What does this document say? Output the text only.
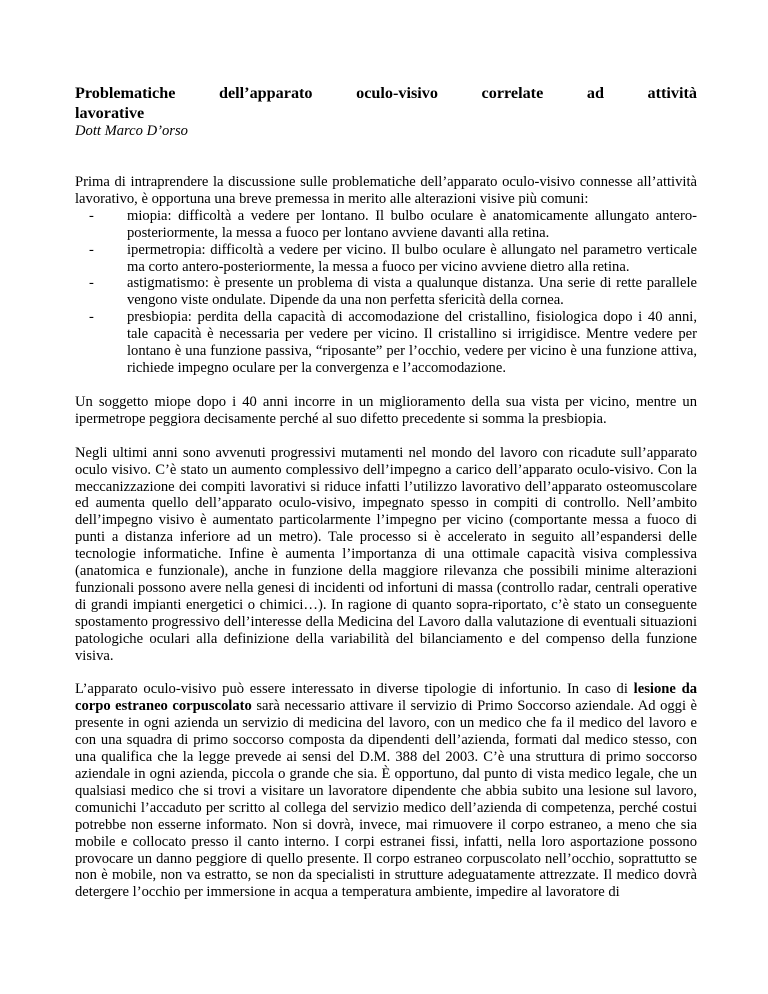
Problematiche dell’apparato oculo-visivo correlate ad attività

lavorative

Dott Marco D’orso

Prima di intraprendere la discussione sulle problematiche dell’apparato oculo-visivo connesse all’attività lavorativo, è opportuna una breve premessa in merito alle alterazioni visive più comuni:

- miopia: difficoltà a vedere per lontano. Il bulbo oculare è anatomicamente allungato antero-posteriormente, la messa a fuoco per lontano avviene davanti alla retina.
- ipermetropia: difficoltà a vedere per vicino. Il bulbo oculare è allungato nel parametro verticale ma corto antero-posteriormente, la messa a fuoco per vicino avviene dietro alla retina.
- astigmatismo: è presente un problema di vista a qualunque distanza. Una serie di rette parallele vengono viste ondulate. Dipende da una non perfetta sfericità della cornea.
- presbiopia: perdita della capacità di accomodazione del cristallino, fisiologica dopo i 40 anni, tale capacità è necessaria per vedere per vicino. Il cristallino si irrigidisce. Mentre vedere per lontano è una funzione passiva, “riposante” per l’occhio, vedere per vicino è una funzione attiva, richiede impegno oculare per la convergenza e l’accomodazione.

Un soggetto miope dopo i 40 anni incorre in un miglioramento della sua vista per vicino, mentre un ipermetrope peggiora decisamente perché al suo difetto precedente si somma la presbiopia.

Negli ultimi anni sono avvenuti progressivi mutamenti nel mondo del lavoro con ricadute sull’apparato oculo visivo. C’è stato un aumento complessivo dell’impegno a carico dell’apparato oculo-visivo. Con la meccanizzazione dei compiti lavorativi si riduce infatti l’utilizzo lavorativo dell’apparato osteomuscolare ed aumenta quello dell’apparato oculo-visivo, impegnato spesso in compiti di controllo. Nell’ambito dell’impegno visivo è aumentato particolarmente l’impegno per vicino (comportante messa a fuoco di punti a distanza inferiore ad un metro). Tale processo si è accelerato in seguito all’espandersi delle tecnologie informatiche. Infine è aumenta l’importanza di una ottimale capacità visiva complessiva (anatomica e funzionale), anche in funzione della maggiore rilevanza che possibili minime alterazioni funzionali possono avere nella genesi di incidenti od infortuni di massa (controllo radar, centrali operative di grandi impianti energetici o chimici…). In ragione di quanto sopra-riportato, c’è stato un conseguente spostamento progressivo dell’interesse della Medicina del Lavoro dalla valutazione di eventuali situazioni patologiche oculari alla definizione della variabilità del bilanciamento e del compenso della funzione visiva.

L’apparato oculo-visivo può essere interessato in diverse tipologie di infortunio. In caso di lesione da corpo estraneo corpuscolato sarà necessario attivare il servizio di Primo Soccorso aziendale. Ad oggi è presente in ogni azienda un servizio di medicina del lavoro, con un medico che fa il medico del lavoro e con una squadra di primo soccorso composta da dipendenti dell’azienda, formati dal medico stesso, con una qualifica che la legge prevede ai sensi del D.M. 388 del 2003. C’è una struttura di primo soccorso aziendale in ogni azienda, piccola o grande che sia. È opportuno, dal punto di vista medico legale, che un qualsiasi medico che si trovi a visitare un lavoratore dipendente che abbia subito una lesione sul lavoro, comunichi l’accaduto per scritto al collega del servizio medico dell’azienda di competenza, perché costui potrebbe non esserne informato. Non si dovrà, invece, mai rimuovere il corpo estraneo, a meno che sia mobile e collocato presso il canto interno. I corpi estranei fissi, infatti, nella loro asportazione possono provocare un danno peggiore di quello presente. Il corpo estraneo corpuscolato nell’occhio, soprattutto se non è mobile, non va estratto, se non da specialisti in strutture adeguatamente attrezzate. Il medico dovrà detergere l’occhio per immersione in acqua a temperatura ambiente, impedire al lavoratore di
